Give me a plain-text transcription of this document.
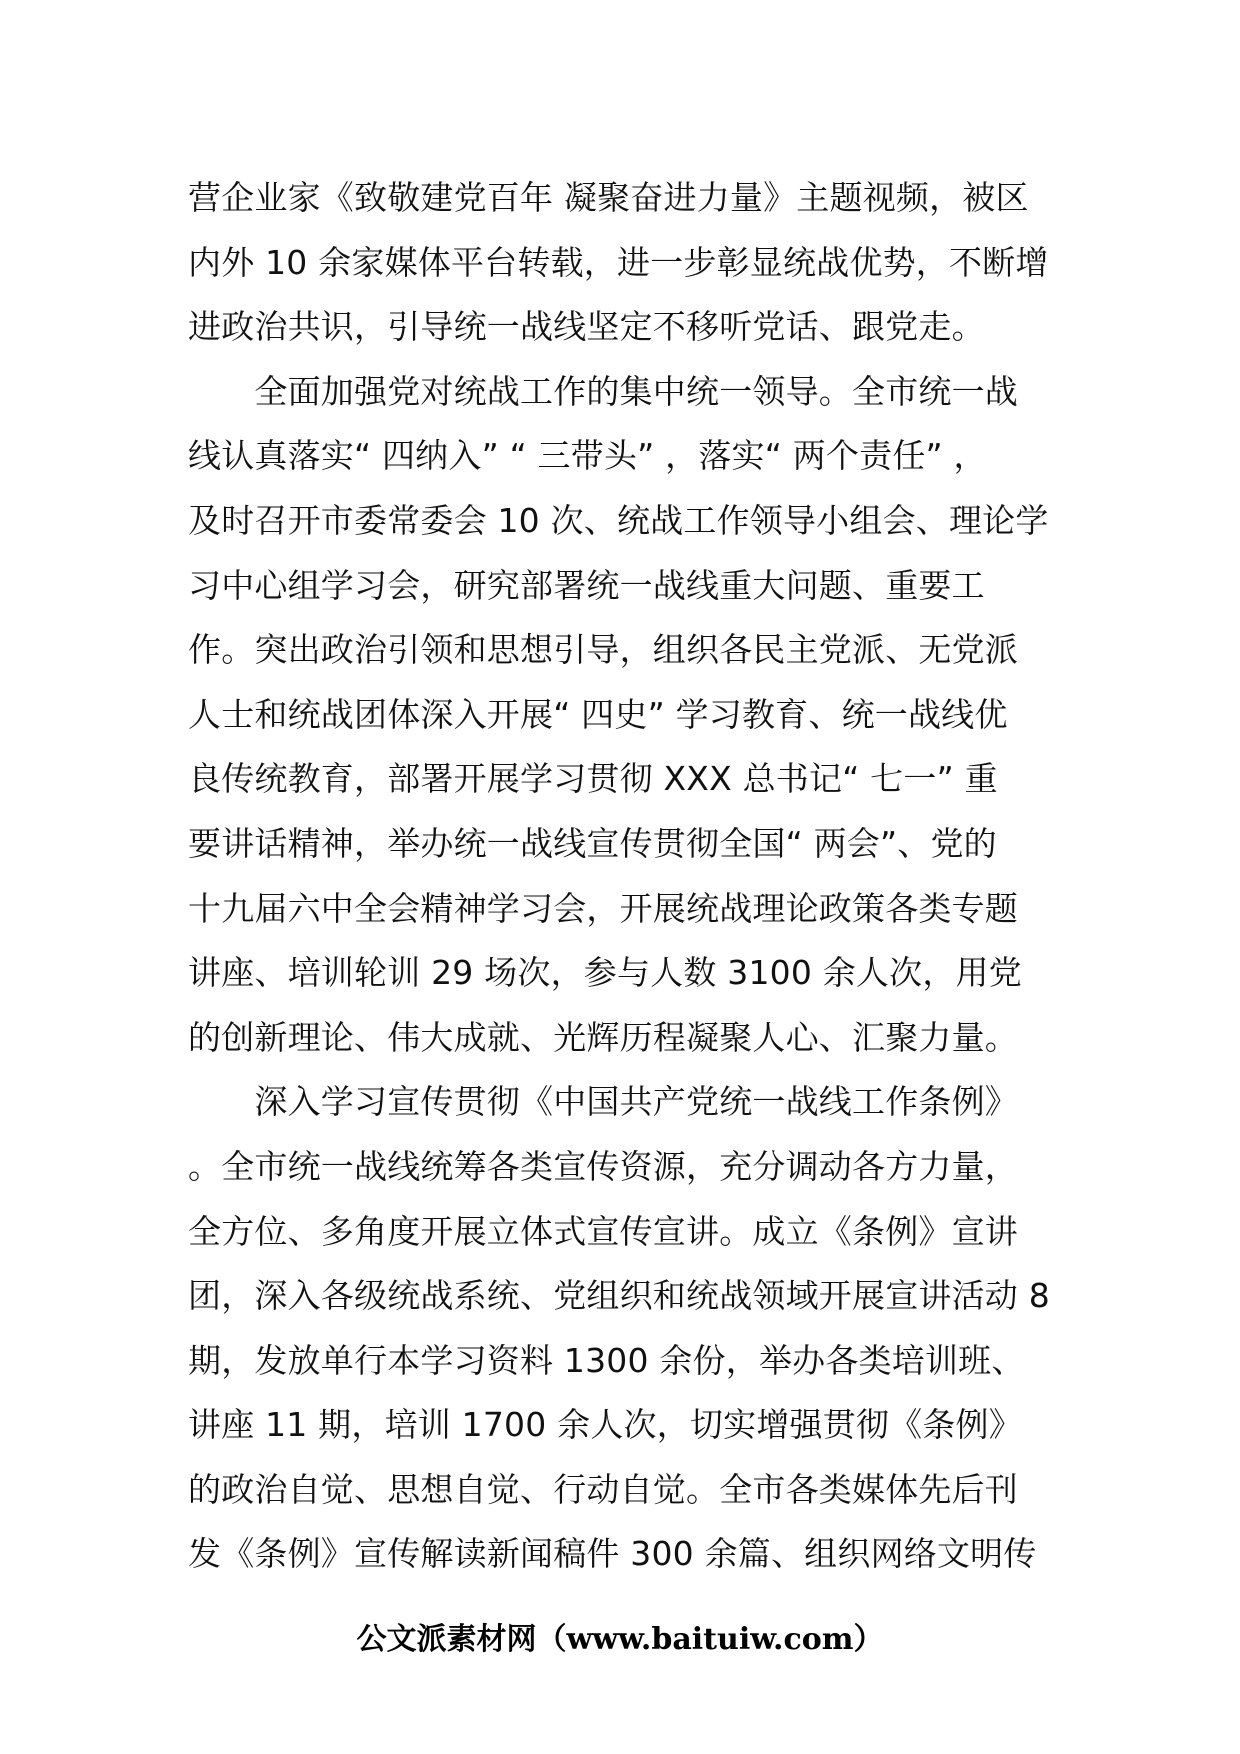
营企业家《致敬建党百年 凝聚奋进力量》主题视频，被区
内外 10 余家媒体平台转载，进一步彰显统战优势，不断增
进政治共识，引导统一战线坚定不移听党话、跟党走。
　　全面加强党对统战工作的集中统一领导。全市统一战
线认真落实“ 四纳入” “ 三带头” ，落实“ 两个责任” ，
及时召开市委常委会 10 次、统战工作领导小组会、理论学
习中心组学习会，研究部署统一战线重大问题、重要工
作。突出政治引领和思想引导，组织各民主党派、无党派
人士和统战团体深入开展“ 四史” 学习教育、统一战线优
良传统教育，部署开展学习贯彻 XXX 总书记“ 七一” 重
要讲话精神，举办统一战线宣传贯彻全国“ 两会”、党的
十九届六中全会精神学习会，开展统战理论政策各类专题
讲座、培训轮训 29 场次，参与人数 3100 余人次，用党
的创新理论、伟大成就、光辉历程凝聚人心、汇聚力量。
　　深入学习宣传贯彻《中国共产党统一战线工作条例》
。全市统一战线统筹各类宣传资源，充分调动各方力量，
全方位、多角度开展立体式宣传宣讲。成立《条例》宣讲
团，深入各级统战系统、党组织和统战领域开展宣讲活动 8
期，发放单行本学习资料 1300 余份，举办各类培训班、
讲座 11 期，培训 1700 余人次，切实增强贯彻《条例》
的政治自觉、思想自觉、行动自觉。全市各类媒体先后刊
发《条例》宣传解读新闻稿件 300 余篇、组织网络文明传
公文派素材网（www.baituiw.com）
